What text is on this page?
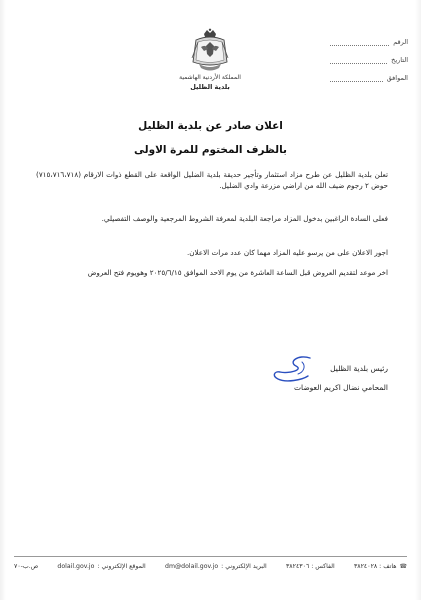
المملكة الأردنية الهاشمية
بلدية الظليل
الرقم
التاريخ
الموافق
اعلان صادر عن بلدية الظليل
بالظرف المختوم للمرة الاولى
تعلن بلدية الظليل عن طرح مزاد استثمار وتأجير حديقة بلدية الضليل الواقعة على القطع ذوات الارقام (٧١٥،٧١٦،٧١٨) حوض ٢ رجوم ضيف الله من اراضي مزرعة وادي الضليل.
فعلى السادة الراغبين بدخول المزاد مراجعة البلدية لمعرفة الشروط المرجعية والوصف التفصيلي.
اجور الاعلان على من يرسو عليه المزاد مهما كان عدد مرات الاعلان.
اخر موعد لتقديم العروض قبل الساعة العاشرة من يوم الاحد الموافق ٢٠٢٥/٦/١٥ وهويوم فتح العروض
رئيس بلدية الظليل
المحامي نضال اكريم العوضات
☎
هاتف : ٣٨٢٤٠٢٨
الفاكس : ٣٨٢٤٣٠٦
البريد الإلكتروني :
dm@dolail.gov.jo
الموقع الإلكتروني :
dolail.gov.jo
ص.ب-٧٠
